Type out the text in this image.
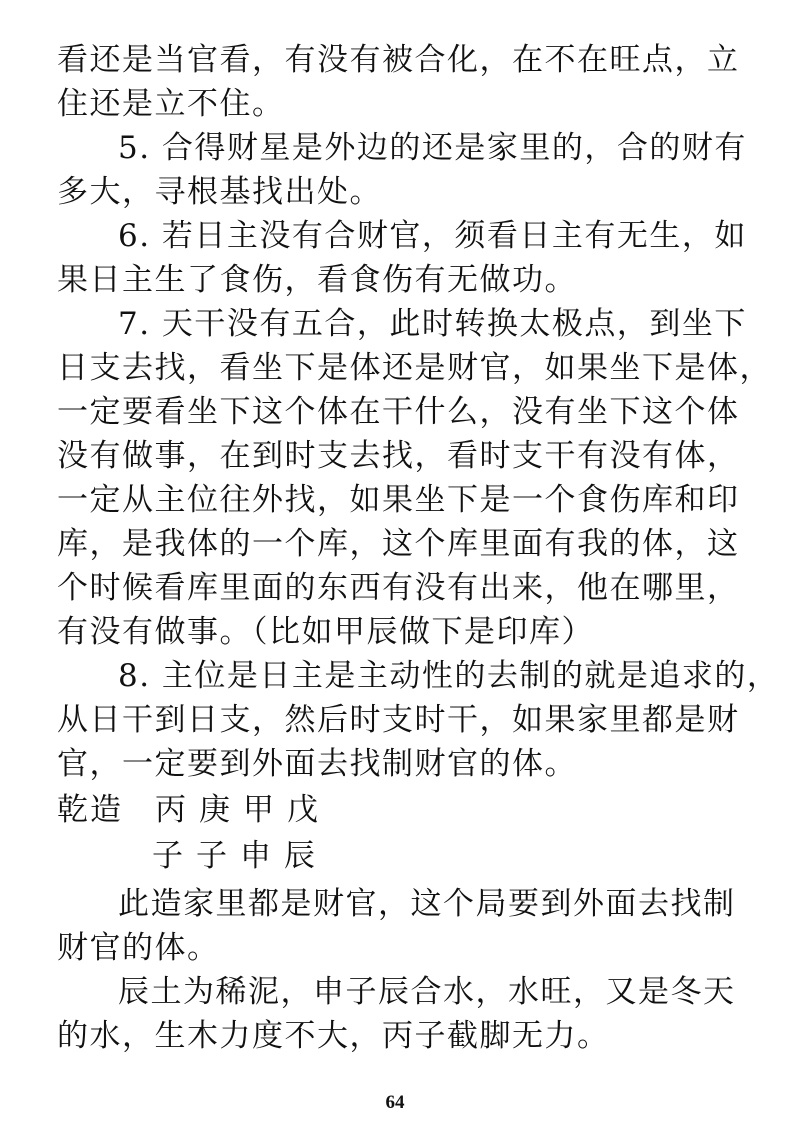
看还是当官看，有没有被合化，在不在旺点，立
住还是立不住。
5. 合得财星是外边的还是家里的，合的财有
多大，寻根基找出处。
6. 若日主没有合财官，须看日主有无生，如
果日主生了食伤，看食伤有无做功。
7. 天干没有五合，此时转换太极点，到坐下
日支去找，看坐下是体还是财官，如果坐下是体，
一定要看坐下这个体在干什么，没有坐下这个体
没有做事，在到时支去找，看时支干有没有体，
一定从主位往外找，如果坐下是一个食伤库和印
库，是我体的一个库，这个库里面有我的体，这
个时候看库里面的东西有没有出来，他在哪里，
有没有做事。（比如甲辰做下是印库）
8. 主位是日主是主动性的去制的就是追求的，
从日干到日支，然后时支时干，如果家里都是财
官，一定要到外面去找制财官的体。
乾造 丙 庚 甲 戊
子 子 申 辰
此造家里都是财官，这个局要到外面去找制
财官的体。
辰土为稀泥，申子辰合水，水旺，又是冬天
的水，生木力度不大，丙子截脚无力。
64
